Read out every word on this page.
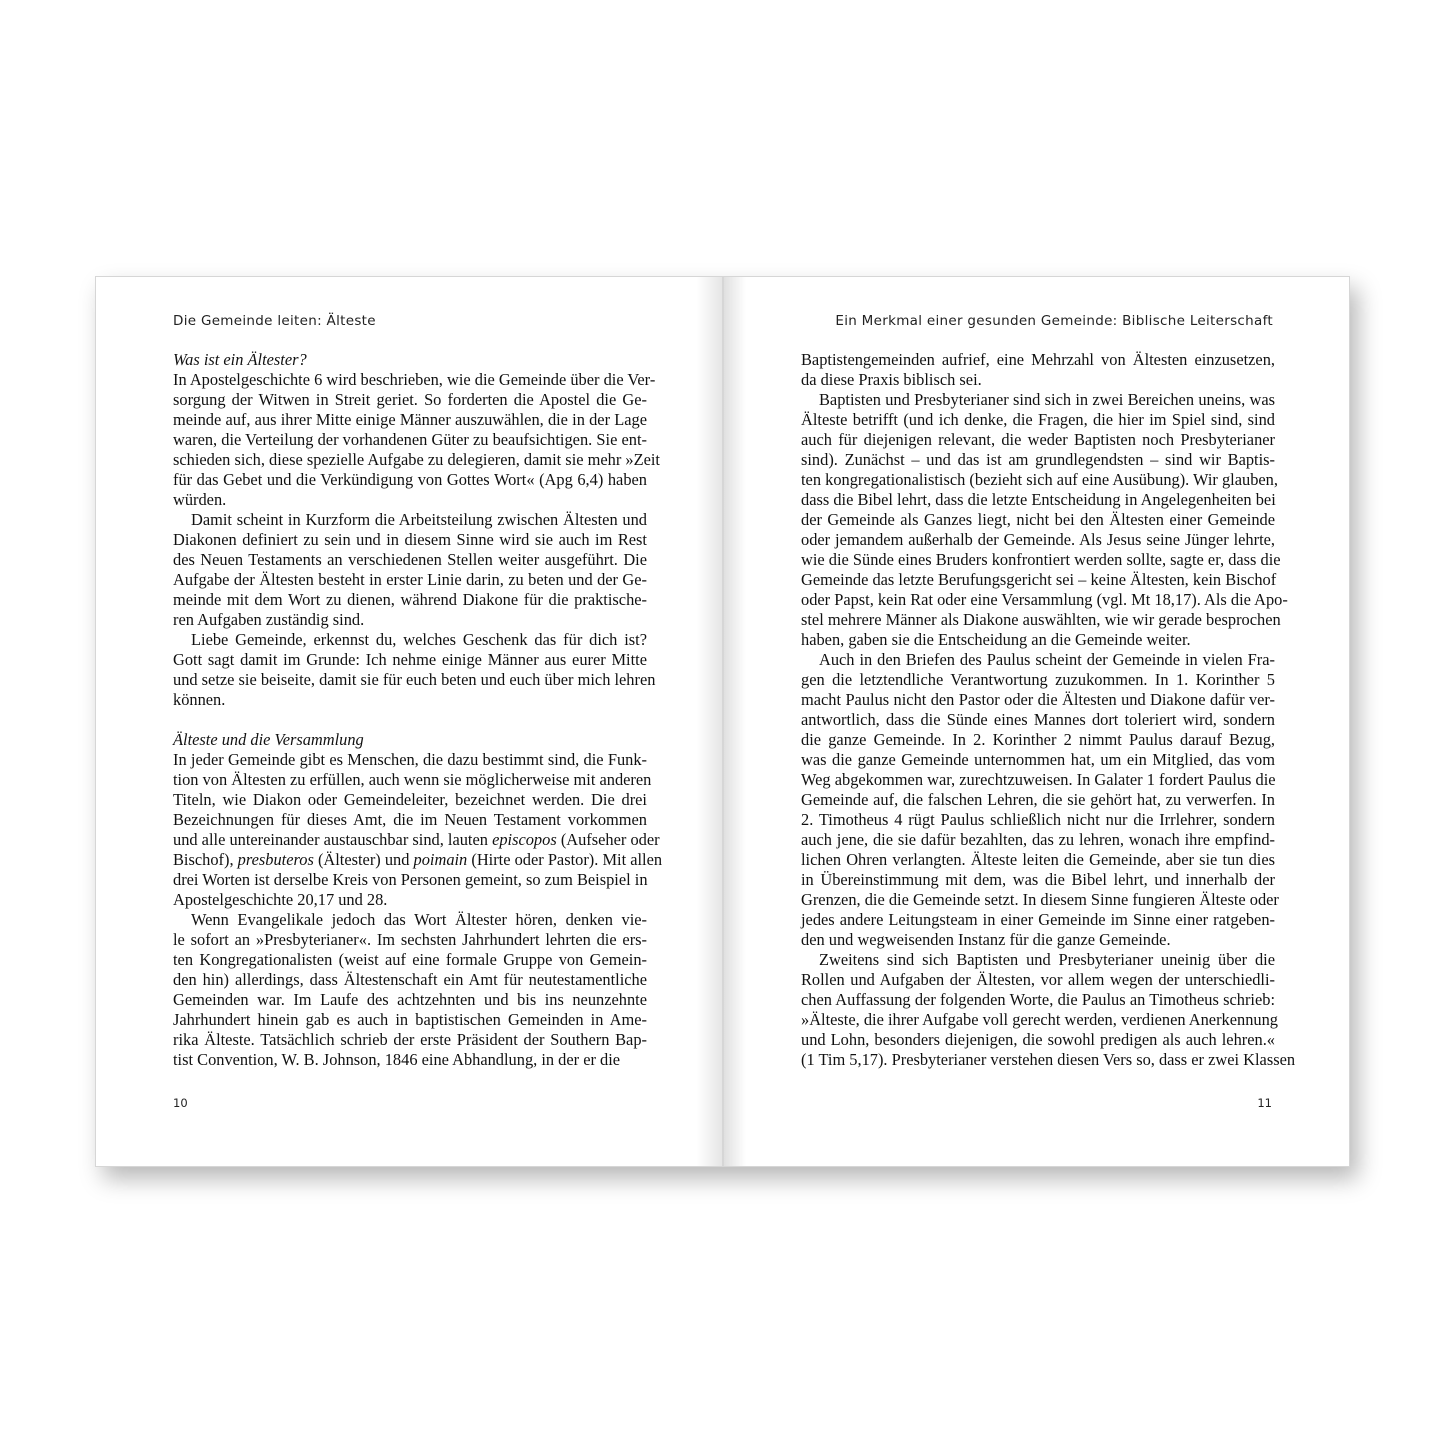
Die Gemeinde leiten: Älteste
Was ist ein Ältester?
In Apostelgeschichte 6 wird beschrieben, wie die Gemeinde über die Ver-
sorgung der Witwen in Streit geriet. So forderten die Apostel die Ge-
meinde auf, aus ihrer Mitte einige Männer auszuwählen, die in der Lage
waren, die Verteilung der vorhandenen Güter zu beaufsichtigen. Sie ent-
schieden sich, diese spezielle Aufgabe zu delegieren, damit sie mehr »Zeit
für das Gebet und die Verkündigung von Gottes Wort« (Apg 6,4) haben
würden.
Damit scheint in Kurzform die Arbeitsteilung zwischen Ältesten und
Diakonen definiert zu sein und in diesem Sinne wird sie auch im Rest
des Neuen Testaments an verschiedenen Stellen weiter ausgeführt. Die
Aufgabe der Ältesten besteht in erster Linie darin, zu beten und der Ge-
meinde mit dem Wort zu dienen, während Diakone für die praktische-
ren Aufgaben zuständig sind.
Liebe Gemeinde, erkennst du, welches Geschenk das für dich ist?
Gott sagt damit im Grunde: Ich nehme einige Männer aus eurer Mitte
und setze sie beiseite, damit sie für euch beten und euch über mich lehren
können.
Älteste und die Versammlung
In jeder Gemeinde gibt es Menschen, die dazu bestimmt sind, die Funk-
tion von Ältesten zu erfüllen, auch wenn sie möglicherweise mit anderen
Titeln, wie Diakon oder Gemeindeleiter, bezeichnet werden. Die drei
Bezeichnungen für dieses Amt, die im Neuen Testament vorkommen
und alle untereinander austauschbar sind, lauten episcopos (Aufseher oder
Bischof), presbuteros (Ältester) und poimain (Hirte oder Pastor). Mit allen
drei Worten ist derselbe Kreis von Personen gemeint, so zum Beispiel in
Apostelgeschichte 20,17 und 28.
Wenn Evangelikale jedoch das Wort Ältester hören, denken vie-
le sofort an »Presbyterianer«. Im sechsten Jahrhundert lehrten die ers-
ten Kongregationalisten (weist auf eine formale Gruppe von Gemein-
den hin) allerdings, dass Ältestenschaft ein Amt für neutestamentliche
Gemeinden war. Im Laufe des achtzehnten und bis ins neunzehnte
Jahrhundert hinein gab es auch in baptistischen Gemeinden in Ame-
rika Älteste. Tatsächlich schrieb der erste Präsident der Southern Bap-
tist Convention, W. B. Johnson, 1846 eine Abhandlung, in der er die
10
Ein Merkmal einer gesunden Gemeinde: Biblische Leiterschaft
Baptistengemeinden aufrief, eine Mehrzahl von Ältesten einzusetzen,
da diese Praxis biblisch sei.
Baptisten und Presbyterianer sind sich in zwei Bereichen uneins, was
Älteste betrifft (und ich denke, die Fragen, die hier im Spiel sind, sind
auch für diejenigen relevant, die weder Baptisten noch Presbyterianer
sind). Zunächst – und das ist am grundlegendsten – sind wir Baptis-
ten kongregationalistisch (bezieht sich auf eine Ausübung). Wir glauben,
dass die Bibel lehrt, dass die letzte Entscheidung in Angelegenheiten bei
der Gemeinde als Ganzes liegt, nicht bei den Ältesten einer Gemeinde
oder jemandem außerhalb der Gemeinde. Als Jesus seine Jünger lehrte,
wie die Sünde eines Bruders konfrontiert werden sollte, sagte er, dass die
Gemeinde das letzte Berufungsgericht sei – keine Ältesten, kein Bischof
oder Papst, kein Rat oder eine Versammlung (vgl. Mt 18,17). Als die Apo-
stel mehrere Männer als Diakone auswählten, wie wir gerade besprochen
haben, gaben sie die Entscheidung an die Gemeinde weiter.
Auch in den Briefen des Paulus scheint der Gemeinde in vielen Fra-
gen die letztendliche Verantwortung zuzukommen. In 1. Korinther 5
macht Paulus nicht den Pastor oder die Ältesten und Diakone dafür ver-
antwortlich, dass die Sünde eines Mannes dort toleriert wird, sondern
die ganze Gemeinde. In 2. Korinther 2 nimmt Paulus darauf Bezug,
was die ganze Gemeinde unternommen hat, um ein Mitglied, das vom
Weg abgekommen war, zurechtzuweisen. In Galater 1 fordert Paulus die
Gemeinde auf, die falschen Lehren, die sie gehört hat, zu verwerfen. In
2. Timotheus 4 rügt Paulus schließlich nicht nur die Irrlehrer, sondern
auch jene, die sie dafür bezahlten, das zu lehren, wonach ihre empfind-
lichen Ohren verlangten. Älteste leiten die Gemeinde, aber sie tun dies
in Übereinstimmung mit dem, was die Bibel lehrt, und innerhalb der
Grenzen, die die Gemeinde setzt. In diesem Sinne fungieren Älteste oder
jedes andere Leitungsteam in einer Gemeinde im Sinne einer ratgeben-
den und wegweisenden Instanz für die ganze Gemeinde.
Zweitens sind sich Baptisten und Presbyterianer uneinig über die
Rollen und Aufgaben der Ältesten, vor allem wegen der unterschiedli-
chen Auffassung der folgenden Worte, die Paulus an Timotheus schrieb:
»Älteste, die ihrer Aufgabe voll gerecht werden, verdienen Anerkennung
und Lohn, besonders diejenigen, die sowohl predigen als auch lehren.«
(1 Tim 5,17). Presbyterianer verstehen diesen Vers so, dass er zwei Klassen
11
